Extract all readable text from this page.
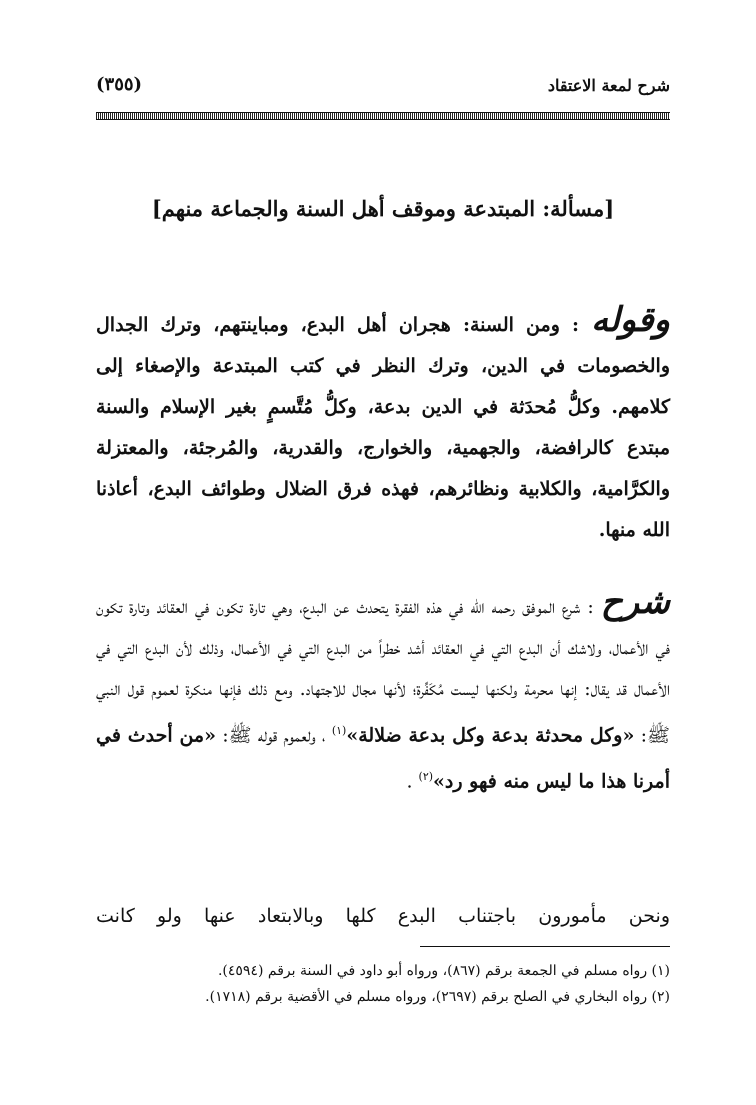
شرح لمعة الاعتقاد
(٣٥٥)
[مسألة: المبتدعة وموقف أهل السنة والجماعة منهم]
وقوله : ومن السنة: هجران أهل البدع، ومباينتهم، وترك الجدال والخصومات في الدين، وترك النظر في كتب المبتدعة والإصغاء إلى كلامهم. وكلُّ مُحدَثة في الدين بدعة، وكلُّ مُتَّسمٍ بغير الإسلام والسنة مبتدع كالرافضة، والجهمية، والخوارج، والقدرية، والمُرجئة، والمعتزلة والكرَّامية، والكلابية ونظائرهم، فهذه فرق الضلال وطوائف البدع، أعاذنا الله منها.
شرح : شرع الموفق رحمه الله في هذه الفقرة يتحدث عن البدع، وهي تارة تكون في العقائد وتارة تكون في الأعمال، ولاشك أن البدع التي في العقائد أشد خطراً من البدع التي في الأعمال، وذلك لأن البدع التي في الأعمال قد يقال: إنها محرمة ولكنها ليست مُكَفِّرة؛ لأنها مجال للاجتهاد. ومع ذلك فإنها منكرة لعموم قول النبي ﷺ: «وكل محدثة بدعة وكل بدعة ضلالة»$^{(١)}$ ، ولعموم قوله ﷺ: «من أحدث في أمرنا هذا ما ليس منه فهو رد»$^{(٢)}$ .
ونحن مأمورون باجتناب البدع كلها وبالابتعاد عنها ولو كانت
(١) رواه مسلم في الجمعة برقم (٨٦٧)، ورواه أبو داود في السنة برقم (٤٥٩٤).
(٢) رواه البخاري في الصلح برقم (٢٦٩٧)، ورواه مسلم في الأقضية برقم (١٧١٨).
